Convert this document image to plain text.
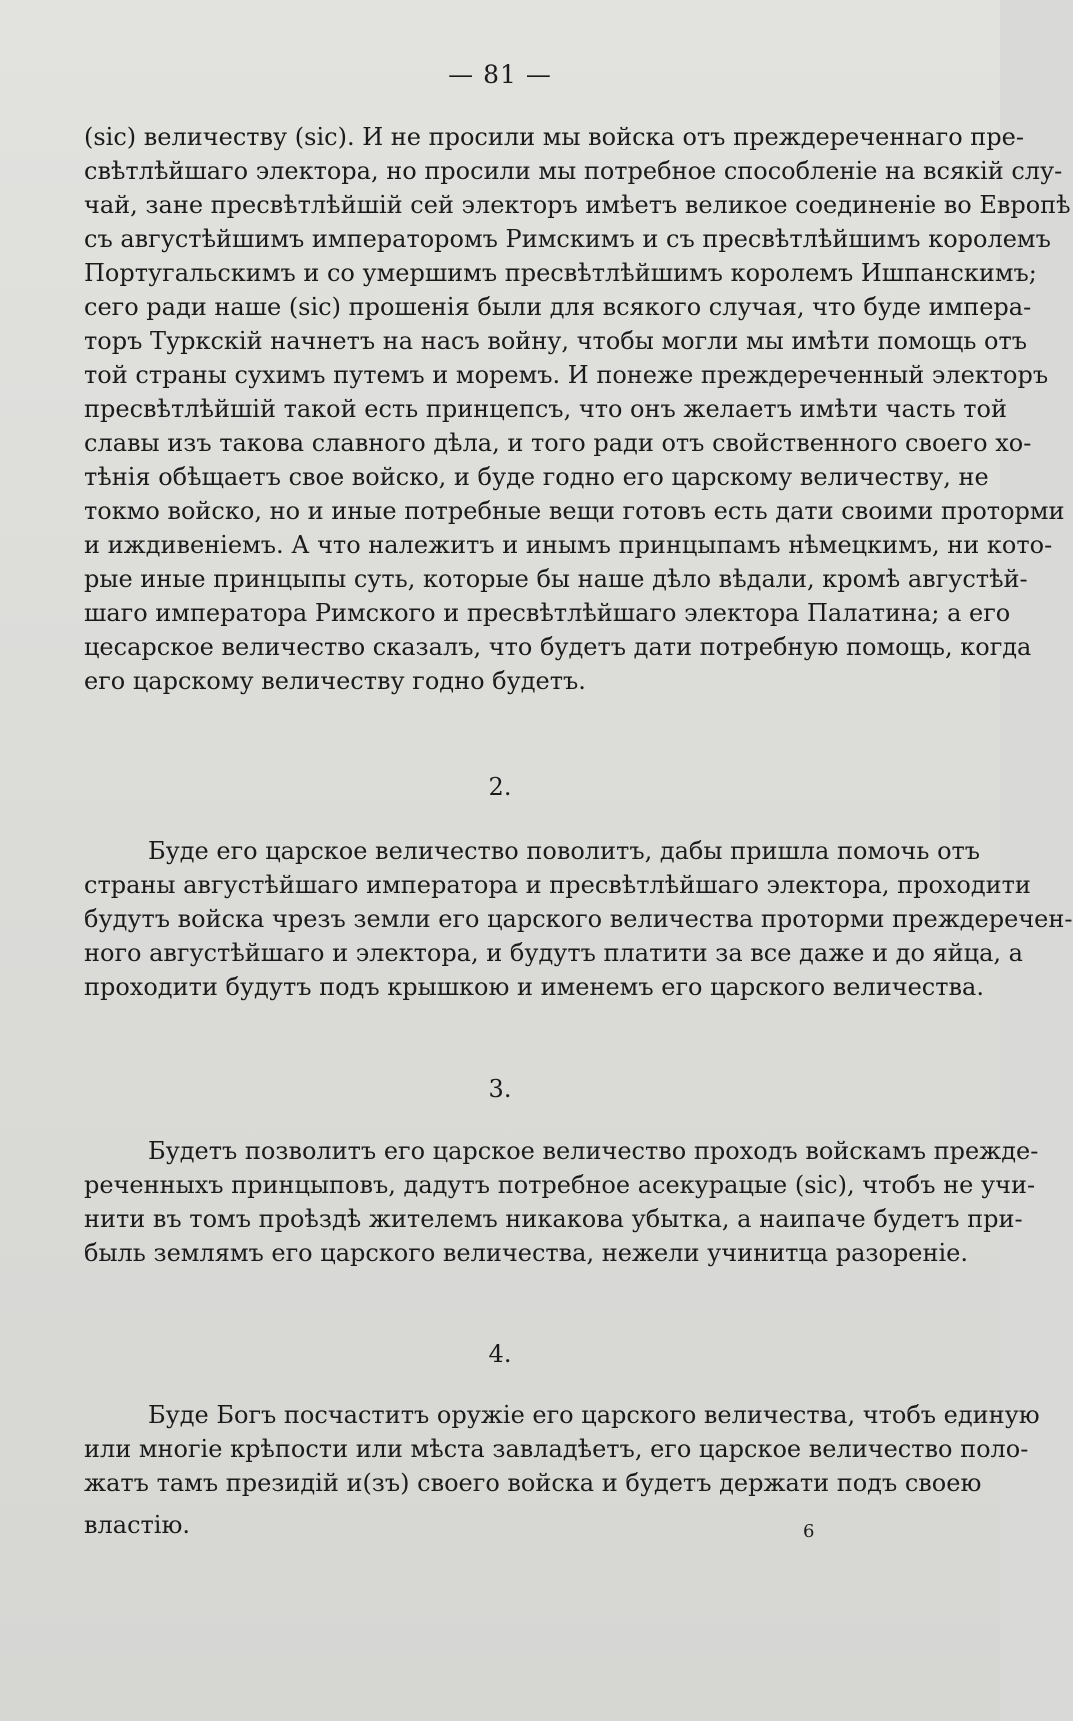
— 81 —
(sic) величеству (sic). И не просили мы войска отъ преждереченнаго пре-
свѣтлѣйшаго электора, но просили мы потребное способленіе на всякій слу-
чай, зане пресвѣтлѣйшій сей электоръ имѣетъ великое соединеніе во Европѣ
съ августѣйшимъ императоромъ Римскимъ и съ пресвѣтлѣйшимъ королемъ
Португальскимъ и со умершимъ пресвѣтлѣйшимъ королемъ Ишпанскимъ;
сего ради наше (sic) прошенія были для всякого случая, что буде импера-
торъ Туркскій начнетъ на насъ войну, чтобы могли мы имѣти помощь отъ
той страны сухимъ путемъ и моремъ. И понеже преждереченный электоръ
пресвѣтлѣйшій такой есть принцепсъ, что онъ желаетъ имѣти часть той
славы изъ такова славного дѣла, и того ради отъ свойственного своего хо-
тѣнія обѣщаетъ свое войско, и буде годно его царскому величеству, не
токмо войско, но и иные потребные вещи готовъ есть дати своими проторми
и иждивеніемъ. А что належитъ и инымъ принцыпамъ нѣмецкимъ, ни кото-
рые иные принцыпы суть, которые бы наше дѣло вѣдали, кромѣ августѣй-
шаго императора Римского и пресвѣтлѣйшаго электора Палатина; а его
цесарское величество сказалъ, что будетъ дати потребную помощь, когда
его царскому величеству годно будетъ.
2.
Буде его царское величество поволитъ, дабы пришла помочь отъ
страны августѣйшаго императора и пресвѣтлѣйшаго электора, проходити
будутъ войска чрезъ земли его царского величества проторми преждеречен-
ного августѣйшаго и электора, и будутъ платити за все даже и до яйца, а
проходити будутъ подъ крышкою и именемъ его царского величества.
3.
Будетъ позволитъ его царское величество проходъ войскамъ прежде-
реченныхъ принцыповъ, дадутъ потребное асекурацые (sic), чтобъ не учи-
нити въ томъ проѣздѣ жителемъ никакова убытка, а наипаче будетъ при-
быль землямъ его царского величества, нежели учинитца разореніе.
4.
Буде Богъ посчаститъ оружіе его царского величества, чтобъ единую
или многіе крѣпости или мѣста завладѣетъ, его царское величество поло-
жатъ тамъ президій и(зъ) своего войска и будетъ держати подъ своею
властію.	6
